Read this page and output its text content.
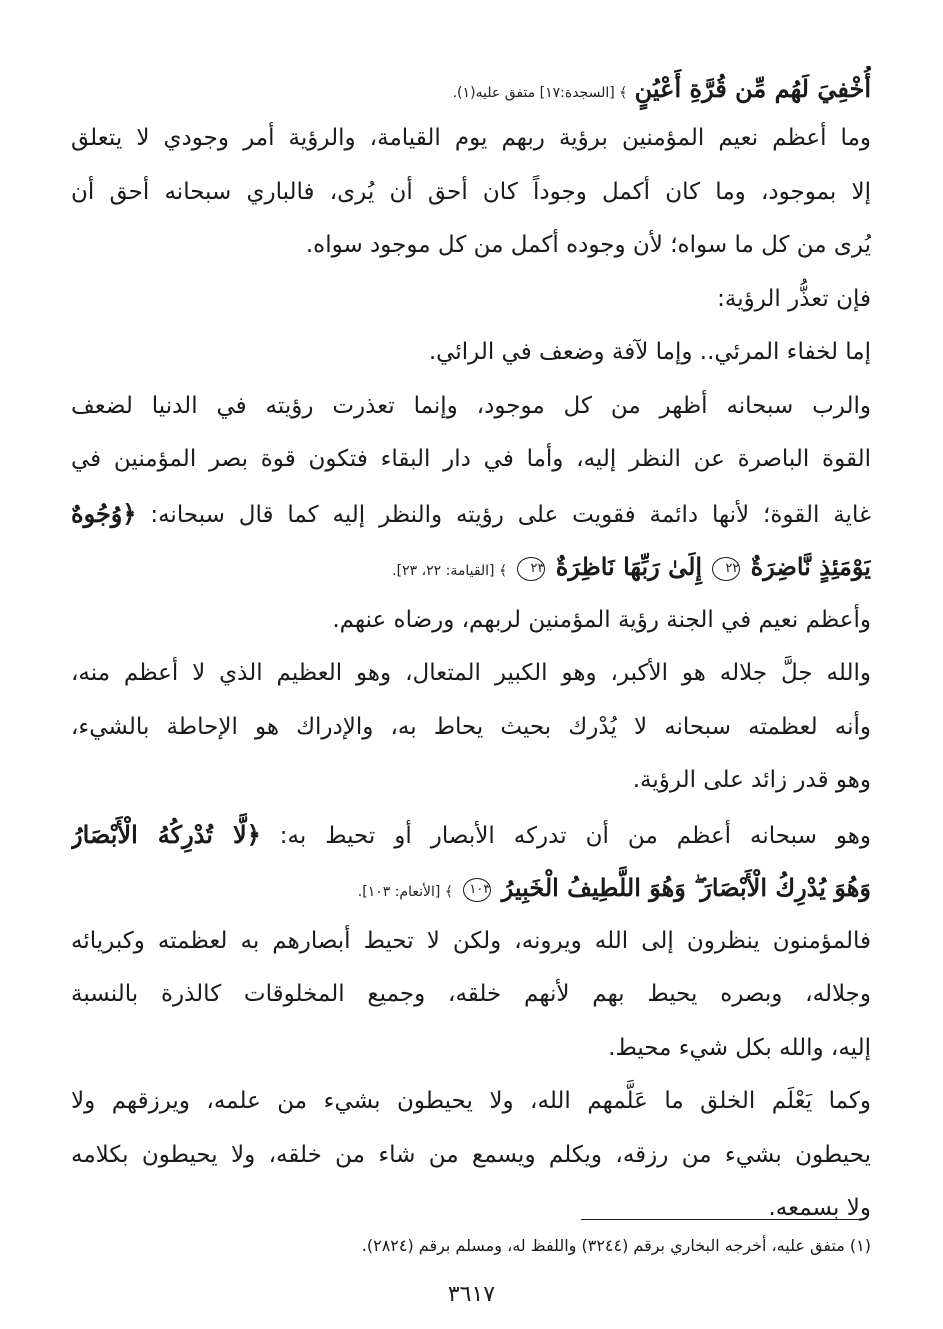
أُخْفِيَ لَهُم مِّن قُرَّةِ أَعْيُنٍ ﴾ [السجدة:١٧] متفق عليه(١).
وما أعظم نعيم المؤمنين برؤية ربهم يوم القيامة، والرؤية أمر وجودي لا يتعلق
إلا بموجود، وما كان أكمل وجوداً كان أحق أن يُرى، فالباري سبحانه أحق أن
يُرى من كل ما سواه؛ لأن وجوده أكمل من كل موجود سواه.
فإن تعذُّر الرؤية:
إما لخفاء المرئي.. وإما لآفة وضعف في الرائي.
والرب سبحانه أظهر من كل موجود، وإنما تعذرت رؤيته في الدنيا لضعف
القوة الباصرة عن النظر إليه، وأما في دار البقاء فتكون قوة بصر المؤمنين في
غاية القوة؛ لأنها دائمة فقويت على رؤيته والنظر إليه كما قال سبحانه: ﴿وُجُوهٌ
يَوْمَئِذٍ نَّاضِرَةٌ ٢٢ إِلَىٰ رَبِّهَا نَاظِرَةٌ ٢٣ ﴾ [القيامة: ٢٢، ٢٣].
وأعظم نعيم في الجنة رؤية المؤمنين لربهم، ورضاه عنهم.
والله جلَّ جلاله هو الأكبر، وهو الكبير المتعال، وهو العظيم الذي لا أعظم منه،
وأنه لعظمته سبحانه لا يُدْرك بحيث يحاط به، والإدراك هو الإحاطة بالشيء،
وهو قدر زائد على الرؤية.
وهو سبحانه أعظم من أن تدركه الأبصار أو تحيط به: ﴿لَّا تُدْرِكُهُ الْأَبْصَارُ
وَهُوَ يُدْرِكُ الْأَبْصَارَ ۖ وَهُوَ اللَّطِيفُ الْخَبِيرُ ١٠٣ ﴾ [الأنعام: ١٠٣].
فالمؤمنون ينظرون إلى الله ويرونه، ولكن لا تحيط أبصارهم به لعظمته وكبريائه
وجلاله، وبصره يحيط بهم لأنهم خلقه، وجميع المخلوقات كالذرة بالنسبة
إليه، والله بكل شيء محيط.
وكما يَعْلَم الخلق ما عَلَّمهم الله، ولا يحيطون بشيء من علمه، ويرزقهم ولا
يحيطون بشيء من رزقه، ويكلم ويسمع من شاء من خلقه، ولا يحيطون بكلامه
ولا بسمعه.
(١) متفق عليه، أخرجه البخاري برقم (٣٢٤٤) واللفظ له، ومسلم برقم (٢٨٢٤).
٣٦١٧
